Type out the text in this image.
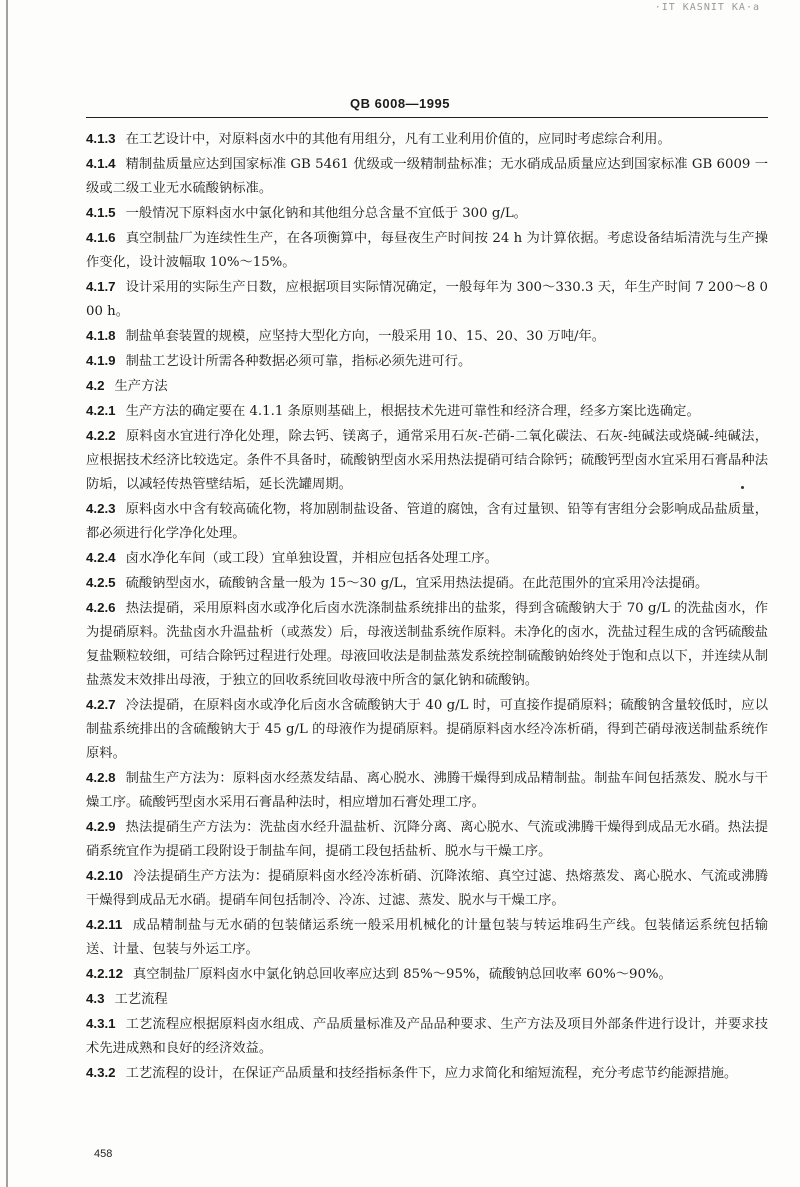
·IT KASNIT KA·a
QB 6008—1995

4.1.3 在工艺设计中，对原料卤水中的其他有用组分，凡有工业利用价值的，应同时考虑综合利用。

4.1.4 精制盐质量应达到国家标准 GB 5461 优级或一级精制盐标准；无水硝成品质量应达到国家标准 GB 6009 一级或二级工业无水硫酸钠标准。

4.1.5 一般情况下原料卤水中氯化钠和其他组分总含量不宜低于 300 g/L。

4.1.6 真空制盐厂为连续性生产，在各项衡算中，每昼夜生产时间按 24 h 为计算依据。考虑设备结垢清洗与生产操作变化，设计波幅取 10%～15%。

4.1.7 设计采用的实际生产日数，应根据项目实际情况确定，一般每年为 300～330.3 天，年生产时间 7 200～8 000 h。

4.1.8 制盐单套装置的规模，应坚持大型化方向，一般采用 10、15、20、30 万吨/年。

4.1.9 制盐工艺设计所需各种数据必须可靠，指标必须先进可行。

4.2 生产方法

4.2.1 生产方法的确定要在 4.1.1 条原则基础上，根据技术先进可靠性和经济合理，经多方案比选确定。

4.2.2 原料卤水宜进行净化处理，除去钙、镁离子，通常采用石灰-芒硝-二氧化碳法、石灰-纯碱法或烧碱-纯碱法，应根据技术经济比较选定。条件不具备时，硫酸钠型卤水采用热法提硝可结合除钙；硫酸钙型卤水宜采用石膏晶种法防垢，以减轻传热管壁结垢，延长洗罐周期。

4.2.3 原料卤水中含有较高硫化物，将加剧制盐设备、管道的腐蚀，含有过量钡、铅等有害组分会影响成品盐质量，都必须进行化学净化处理。

4.2.4 卤水净化车间（或工段）宜单独设置，并相应包括各处理工序。

4.2.5 硫酸钠型卤水，硫酸钠含量一般为 15～30 g/L，宜采用热法提硝。在此范围外的宜采用冷法提硝。

4.2.6 热法提硝，采用原料卤水或净化后卤水洗涤制盐系统排出的盐浆，得到含硫酸钠大于 70 g/L 的洗盐卤水，作为提硝原料。洗盐卤水升温盐析（或蒸发）后，母液送制盐系统作原料。未净化的卤水，洗盐过程生成的含钙硫酸盐复盐颗粒较细，可结合除钙过程进行处理。母液回收法是制盐蒸发系统控制硫酸钠始终处于饱和点以下，并连续从制盐蒸发末效排出母液，于独立的回收系统回收母液中所含的氯化钠和硫酸钠。

4.2.7 冷法提硝，在原料卤水或净化后卤水含硫酸钠大于 40 g/L 时，可直接作提硝原料；硫酸钠含量较低时，应以制盐系统排出的含硫酸钠大于 45 g/L 的母液作为提硝原料。提硝原料卤水经冷冻析硝，得到芒硝母液送制盐系统作原料。

4.2.8 制盐生产方法为：原料卤水经蒸发结晶、离心脱水、沸腾干燥得到成品精制盐。制盐车间包括蒸发、脱水与干燥工序。硫酸钙型卤水采用石膏晶种法时，相应增加石膏处理工序。

4.2.9 热法提硝生产方法为：洗盐卤水经升温盐析、沉降分离、离心脱水、气流或沸腾干燥得到成品无水硝。热法提硝系统宜作为提硝工段附设于制盐车间，提硝工段包括盐析、脱水与干燥工序。

4.2.10 冷法提硝生产方法为：提硝原料卤水经冷冻析硝、沉降浓缩、真空过滤、热熔蒸发、离心脱水、气流或沸腾干燥得到成品无水硝。提硝车间包括制冷、冷冻、过滤、蒸发、脱水与干燥工序。

4.2.11 成品精制盐与无水硝的包装储运系统一般采用机械化的计量包装与转运堆码生产线。包装储运系统包括输送、计量、包装与外运工序。

4.2.12 真空制盐厂原料卤水中氯化钠总回收率应达到 85%～95%，硫酸钠总回收率 60%～90%。

4.3 工艺流程

4.3.1 工艺流程应根据原料卤水组成、产品质量标准及产品品种要求、生产方法及项目外部条件进行设计，并要求技术先进成熟和良好的经济效益。

4.3.2 工艺流程的设计，在保证产品质量和技经指标条件下，应力求简化和缩短流程，充分考虑节约能源措施。

458
